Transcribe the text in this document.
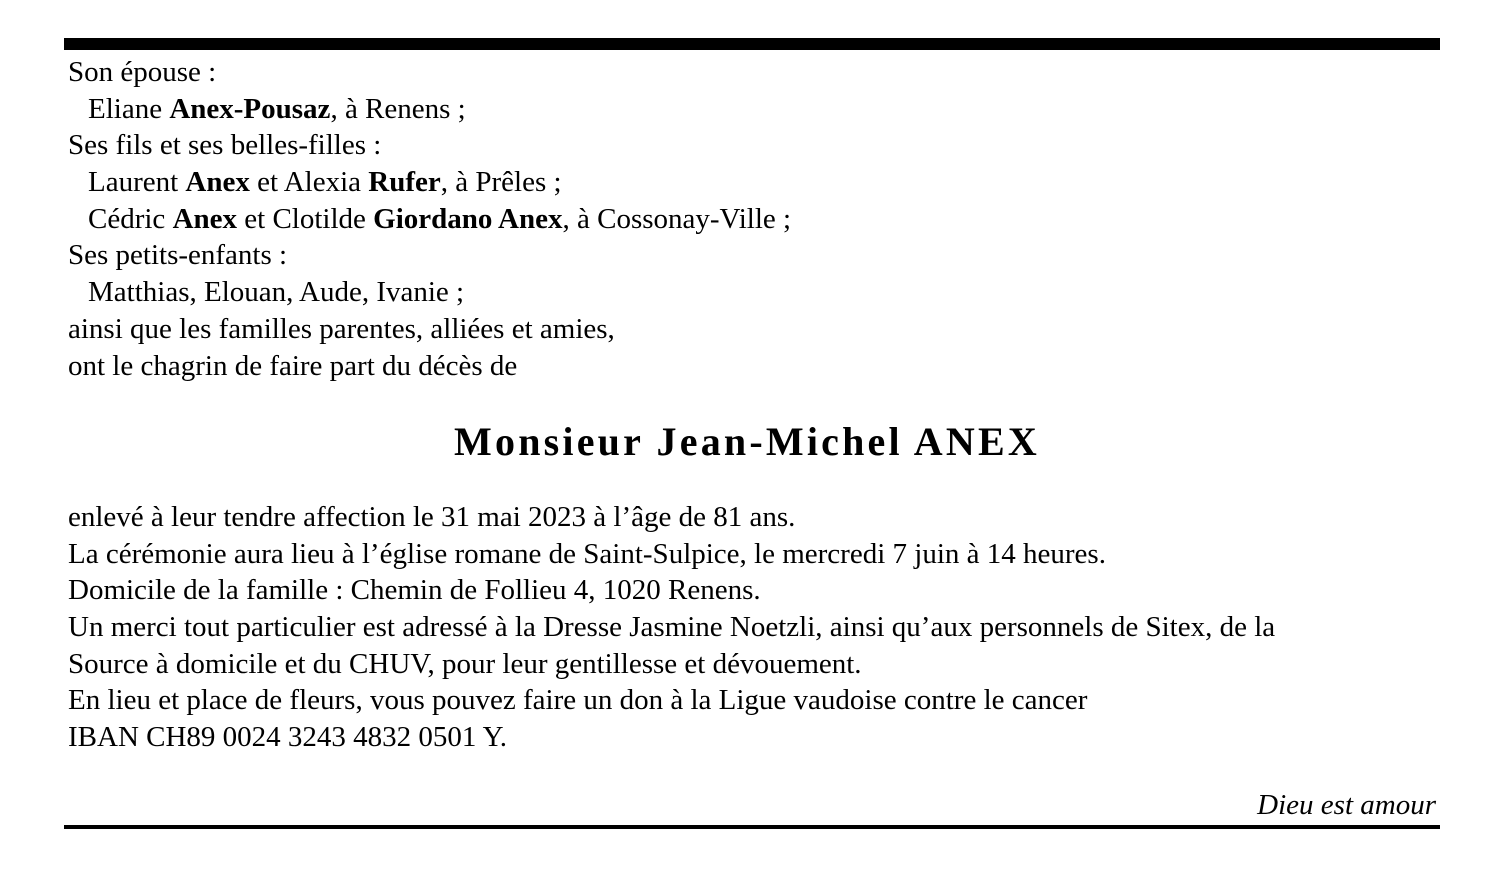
Son épouse :
Eliane Anex-Pousaz, à Renens ;
Ses fils et ses belles-filles :
Laurent Anex et Alexia Rufer, à Prêles ;
Cédric Anex et Clotilde Giordano Anex, à Cossonay-Ville ;
Ses petits-enfants :
Matthias, Elouan, Aude, Ivanie ;
ainsi que les familles parentes, alliées et amies,
ont le chagrin de faire part du décès de
Monsieur Jean-Michel ANEX
enlevé à leur tendre affection le 31 mai 2023 à l’âge de 81 ans.
La cérémonie aura lieu à l’église romane de Saint-Sulpice, le mercredi 7 juin à 14 heures.
Domicile de la famille : Chemin de Follieu 4, 1020 Renens.
Un merci tout particulier est adressé à la Dresse Jasmine Noetzli, ainsi qu’aux personnels de Sitex, de la
Source à domicile et du CHUV, pour leur gentillesse et dévouement.
En lieu et place de fleurs, vous pouvez faire un don à la Ligue vaudoise contre le cancer
IBAN CH89 0024 3243 4832 0501 Y.
Dieu est amour
